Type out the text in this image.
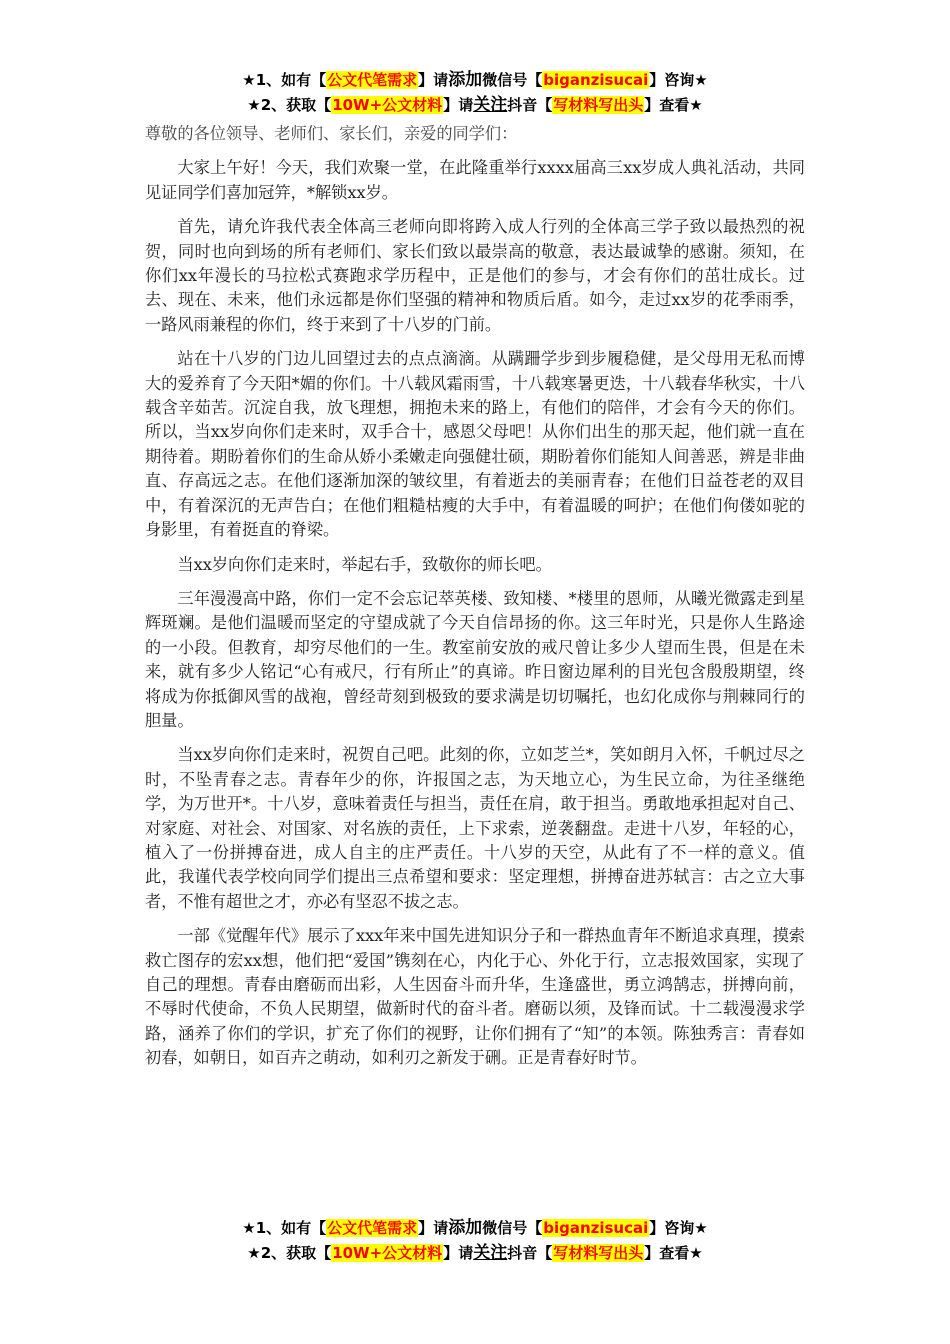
★1、如有【公文代笔需求】请添加微信号【biganzisucai】咨询★
★2、获取【10W+公文材料】请关注抖音【写材料写出头】查看★

尊敬的各位领导、老师们、家长们，亲爱的同学们：

大家上午好！今天，我们欢聚一堂，在此隆重举行xxxx届高三xx岁成人典礼活动，共同见证同学们喜加冠笄，*解锁xx岁。

首先，请允许我代表全体高三老师向即将跨入成人行列的全体高三学子致以最热烈的祝贺，同时也向到场的所有老师们、家长们致以最崇高的敬意，表达最诚挚的感谢。须知，在你们xx年漫长的马拉松式赛跑求学历程中，正是他们的参与，才会有你们的茁壮成长。过去、现在、未来，他们永远都是你们坚强的精神和物质后盾。如今，走过xx岁的花季雨季，一路风雨兼程的你们，终于来到了十八岁的门前。

站在十八岁的门边儿回望过去的点点滴滴。从蹒跚学步到步履稳健，是父母用无私而博大的爱养育了今天阳*媚的你们。十八载风霜雨雪，十八载寒暑更迭，十八载春华秋实，十八载含辛茹苦。沉淀自我，放飞理想，拥抱未来的路上，有他们的陪伴，才会有今天的你们。所以，当xx岁向你们走来时，双手合十，感恩父母吧！从你们出生的那天起，他们就一直在期待着。期盼着你们的生命从娇小柔嫩走向强健壮硕，期盼着你们能知人间善恶，辨是非曲直、存高远之志。在他们逐渐加深的皱纹里，有着逝去的美丽青春；在他们日益苍老的双目中，有着深沉的无声告白；在他们粗糙枯瘦的大手中，有着温暖的呵护；在他们佝偻如驼的身影里，有着挺直的脊梁。

当xx岁向你们走来时，举起右手，致敬你的师长吧。

三年漫漫高中路，你们一定不会忘记萃英楼、致知楼、*楼里的恩师，从曦光微露走到星辉斑斓。是他们温暖而坚定的守望成就了今天自信昂扬的你。这三年时光，只是你人生路途的一小段。但教育，却穷尽他们的一生。教室前安放的戒尺曾让多少人望而生畏，但是在未来，就有多少人铭记“心有戒尺，行有所止”的真谛。昨日窗边犀利的目光包含殷殷期望，终将成为你抵御风雪的战袍，曾经苛刻到极致的要求满是切切嘱托，也幻化成你与荆棘同行的胆量。

当xx岁向你们走来时，祝贺自己吧。此刻的你，立如芝兰*，笑如朗月入怀，千帆过尽之时，不坠青春之志。青春年少的你，许报国之志，为天地立心，为生民立命，为往圣继绝学，为万世开*。十八岁，意味着责任与担当，责任在肩，敢于担当。勇敢地承担起对自己、对家庭、对社会、对国家、对名族的责任，上下求索，逆袭翻盘。走进十八岁，年轻的心，植入了一份拼搏奋进，成人自主的庄严责任。十八岁的天空，从此有了不一样的意义。值此，我谨代表学校向同学们提出三点希望和要求：坚定理想，拼搏奋进苏轼言：古之立大事者，不惟有超世之才，亦必有坚忍不拔之志。

一部《觉醒年代》展示了xxx年来中国先进知识分子和一群热血青年不断追求真理，摸索救亡图存的宏xx想，他们把“爱国”镌刻在心，内化于心、外化于行，立志报效国家，实现了自己的理想。青春由磨砺而出彩，人生因奋斗而升华，生逢盛世，勇立鸿鹄志，拼搏向前，不辱时代使命，不负人民期望，做新时代的奋斗者。磨砺以须，及锋而试。十二载漫漫求学路，涵养了你们的学识，扩充了你们的视野，让你们拥有了“知”的本领。陈独秀言：青春如初春，如朝日，如百卉之萌动，如利刃之新发于硎。正是青春好时节。

★1、如有【公文代笔需求】请添加微信号【biganzisucai】咨询★
★2、获取【10W+公文材料】请关注抖音【写材料写出头】查看★
